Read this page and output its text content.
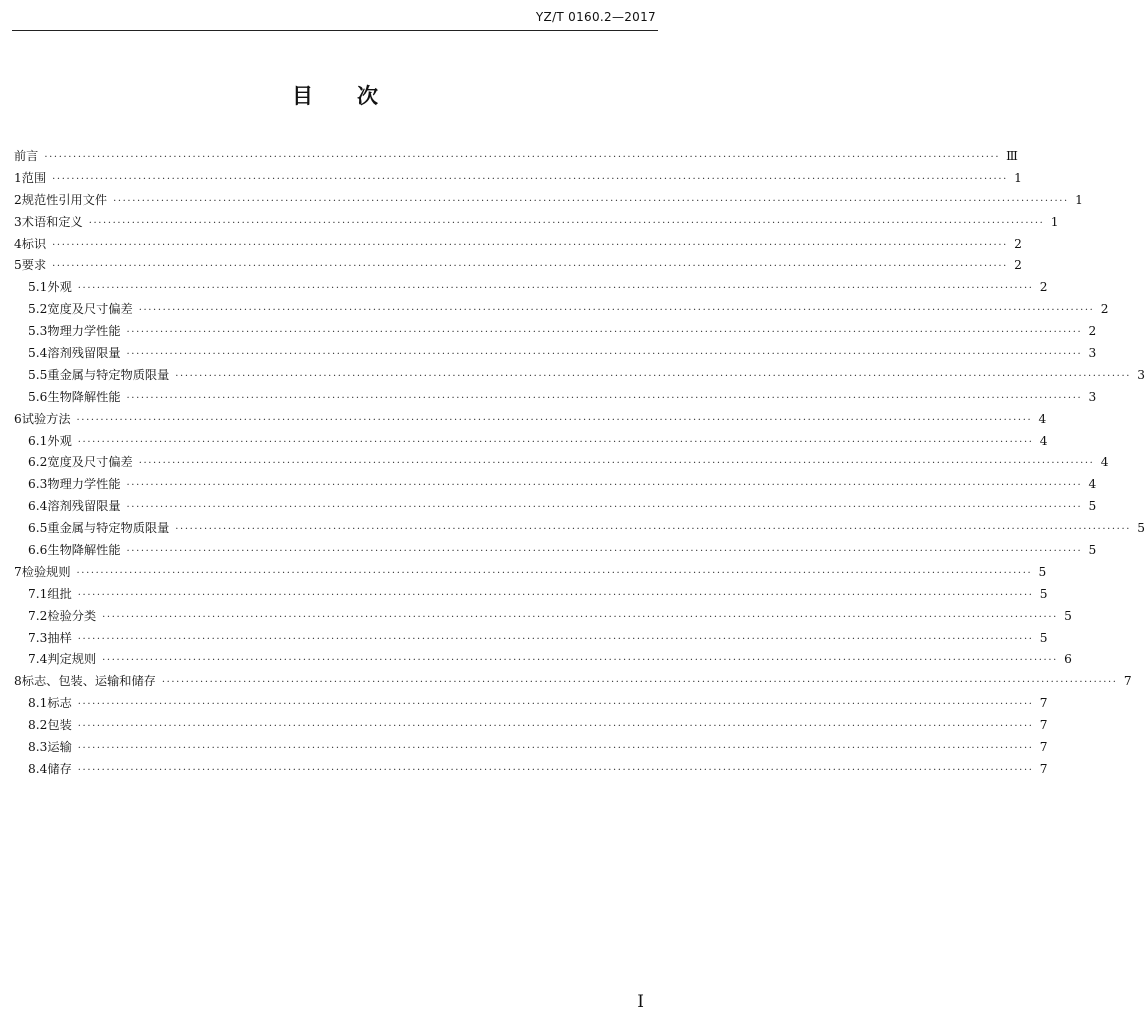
YZ/T 0160.2—2017
目 次
前言 ········································································································································································································ Ⅲ
1 范围 ········································································································································································································ 1
2 规范性引用文件 ········································································································································································································ 1
3 术语和定义 ········································································································································································································ 1
4 标识 ········································································································································································································ 2
5 要求 ········································································································································································································ 2
5.1 外观 ········································································································································································································ 2
5.2 宽度及尺寸偏差 ········································································································································································································ 2
5.3 物理力学性能 ········································································································································································································ 2
5.4 溶剂残留限量 ········································································································································································································ 3
5.5 重金属与特定物质限量 ········································································································································································································ 3
5.6 生物降解性能 ········································································································································································································ 3
6 试验方法 ········································································································································································································ 4
6.1 外观 ········································································································································································································ 4
6.2 宽度及尺寸偏差 ········································································································································································································ 4
6.3 物理力学性能 ········································································································································································································ 4
6.4 溶剂残留限量 ········································································································································································································ 5
6.5 重金属与特定物质限量 ········································································································································································································ 5
6.6 生物降解性能 ········································································································································································································ 5
7 检验规则 ········································································································································································································ 5
7.1 组批 ········································································································································································································ 5
7.2 检验分类 ········································································································································································································ 5
7.3 抽样 ········································································································································································································ 5
7.4 判定规则 ········································································································································································································ 6
8 标志、包装、运输和储存 ········································································································································································································ 7
8.1 标志 ········································································································································································································ 7
8.2 包装 ········································································································································································································ 7
8.3 运输 ········································································································································································································ 7
8.4 储存 ········································································································································································································ 7
Ⅰ
